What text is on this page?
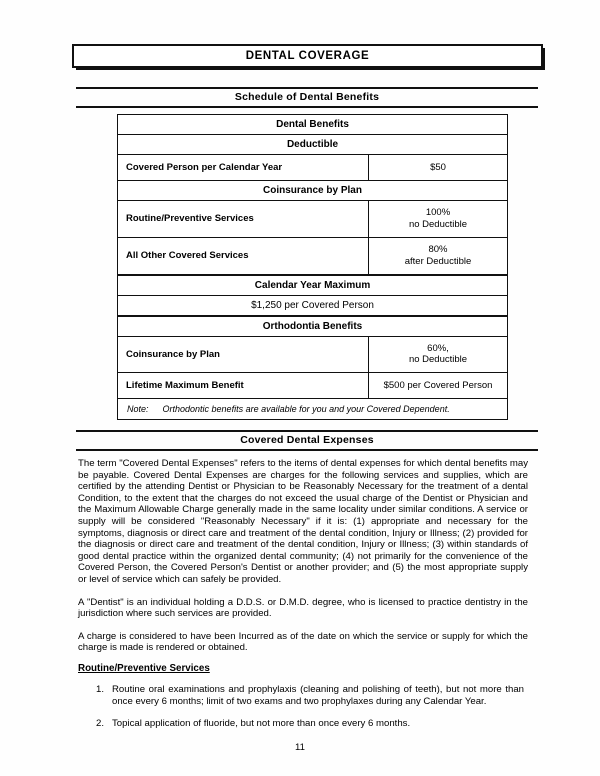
DENTAL COVERAGE
Schedule of Dental Benefits
Dental Benefits
Deductible
Covered Person per Calendar Year	$50
Coinsurance by Plan
Routine/Preventive Services
100%
no Deductible
All Other Covered Services
80%
after Deductible
Calendar Year Maximum
$1,250 per Covered Person
Orthodontia Benefits
Coinsurance by Plan
60%,
no Deductible
Lifetime Maximum Benefit	$500 per Covered Person
Note: Orthodontic benefits are available for you and your Covered Dependent.
Covered Dental Expenses

The term "Covered Dental Expenses" refers to the items of dental expenses for which dental benefits may be payable. Covered Dental Expenses are charges for the following services and supplies, which are certified by the attending Dentist or Physician to be Reasonably Necessary for the treatment of a dental Condition, to the extent that the charges do not exceed the usual charge of the Dentist or Physician and the Maximum Allowable Charge generally made in the same locality under similar conditions. A service or supply will be considered "Reasonably Necessary" if it is: (1) appropriate and necessary for the symptoms, diagnosis or direct care and treatment of the dental condition, Injury or Illness; (2) provided for the diagnosis or direct care and treatment of the dental condition, Injury or Illness; (3) within standards of good dental practice within the organized dental community; (4) not primarily for the convenience of the Covered Person, the Covered Person's Dentist or another provider; and (5) the most appropriate supply or level of service which can safely be provided.

A "Dentist" is an individual holding a D.D.S. or D.M.D. degree, who is licensed to practice dentistry in the jurisdiction where such services are provided.

A charge is considered to have been Incurred as of the date on which the service or supply for which the charge is made is rendered or obtained.

Routine/Preventive Services
1. Routine oral examinations and prophylaxis (cleaning and polishing of teeth), but not more than once every 6 months; limit of two exams and two prophylaxes during any Calendar Year.
2. Topical application of fluoride, but not more than once every 6 months.
11
